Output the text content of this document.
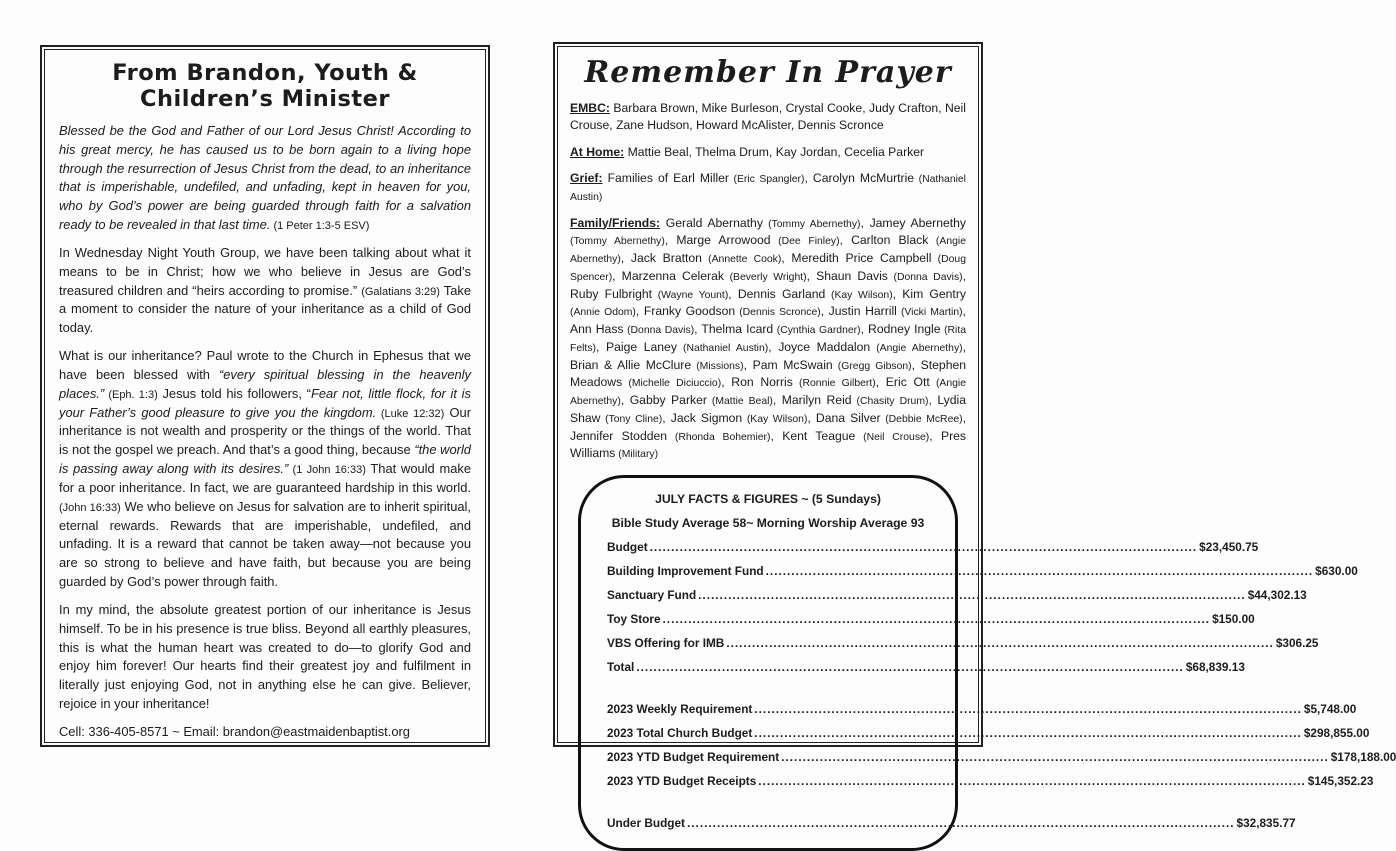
From Brandon, Youth & Children’s Minister

Blessed be the God and Father of our Lord Jesus Christ! According to his great mercy, he has caused us to be born again to a living hope through the resurrection of Jesus Christ from the dead, to an inheritance that is imperishable, undefiled, and unfading, kept in heaven for you, who by God’s power are being guarded through faith for a salvation ready to be revealed in that last time. (1 Peter 1:3-5 ESV)

In Wednesday Night Youth Group, we have been talking about what it means to be in Christ; how we who believe in Jesus are God’s treasured children and “heirs according to promise.” (Galatians 3:29) Take a moment to consider the nature of your inheritance as a child of God today.

What is our inheritance? Paul wrote to the Church in Ephesus that we have been blessed with “every spiritual blessing in the heavenly places.” (Eph. 1:3) Jesus told his followers, “Fear not, little flock, for it is your Father’s good pleasure to give you the kingdom. (Luke 12:32) Our inheritance is not wealth and prosperity or the things of the world. That is not the gospel we preach. And that’s a good thing, because “the world is passing away along with its desires.” (1 John 16:33) That would make for a poor inheritance. In fact, we are guaranteed hardship in this world. (John 16:33) We who believe on Jesus for salvation are to inherit spiritual, eternal rewards. Rewards that are imperishable, undefiled, and unfading. It is a reward that cannot be taken away—not because you are so strong to believe and have faith, but because you are being guarded by God’s power through faith.

In my mind, the absolute greatest portion of our inheritance is Jesus himself. To be in his presence is true bliss. Beyond all earthly pleasures, this is what the human heart was created to do—to glorify God and enjoy him forever! Our hearts find their greatest joy and fulfilment in literally just enjoying God, not in anything else he can give. Believer, rejoice in your inheritance!

Cell: 336-405-8571 ~ Email: brandon@eastmaidenbaptist.org

Remember In Prayer

EMBC: Barbara Brown, Mike Burleson, Crystal Cooke, Judy Crafton, Neil Crouse, Zane Hudson, Howard McAlister, Dennis Scronce

At Home: Mattie Beal, Thelma Drum, Kay Jordan, Cecelia Parker

Grief: Families of Earl Miller (Eric Spangler), Carolyn McMurtrie (Nathaniel Austin)

Family/Friends: Gerald Abernathy (Tommy Abernethy), Jamey Abernethy (Tommy Abernethy), Marge Arrowood (Dee Finley), Carlton Black (Angie Abernethy), Jack Bratton (Annette Cook), Meredith Price Campbell (Doug Spencer), Marzenna Celerak (Beverly Wright), Shaun Davis (Donna Davis), Ruby Fulbright (Wayne Yount), Dennis Garland (Kay Wilson), Kim Gentry (Annie Odom), Franky Goodson (Dennis Scronce), Justin Harrill (Vicki Martin), Ann Hass (Donna Davis), Thelma Icard (Cynthia Gardner), Rodney Ingle (Rita Felts), Paige Laney (Nathaniel Austin), Joyce Maddalon (Angie Abernethy), Brian & Allie McClure (Missions), Pam McSwain (Gregg Gibson), Stephen Meadows (Michelle Diciuccio), Ron Norris (Ronnie Gilbert), Eric Ott (Angie Abernethy), Gabby Parker (Mattie Beal), Marilyn Reid (Chasity Drum), Lydia Shaw (Tony Cline), Jack Sigmon (Kay Wilson), Dana Silver (Debbie McRee), Jennifer Stodden (Rhonda Bohemier), Kent Teague (Neil Crouse), Pres Williams (Military)

JULY FACTS & FIGURES ~ (5 Sundays)
Bible Study Average 58~ Morning Worship Average 93
Budget .....	$23,450.75
Building Improvement Fund .....	$630.00
Sanctuary Fund .....	$44,302.13
Toy Store .....	$150.00
VBS Offering for IMB .....	$306.25
Total .....	$68,839.13
2023 Weekly Requirement .....	$5,748.00
2023 Total Church Budget .....	$298,855.00
2023 YTD Budget Requirement .....	$178,188.00
2023 YTD Budget Receipts .....	$145,352.23
Under Budget .....	$32,835.77
